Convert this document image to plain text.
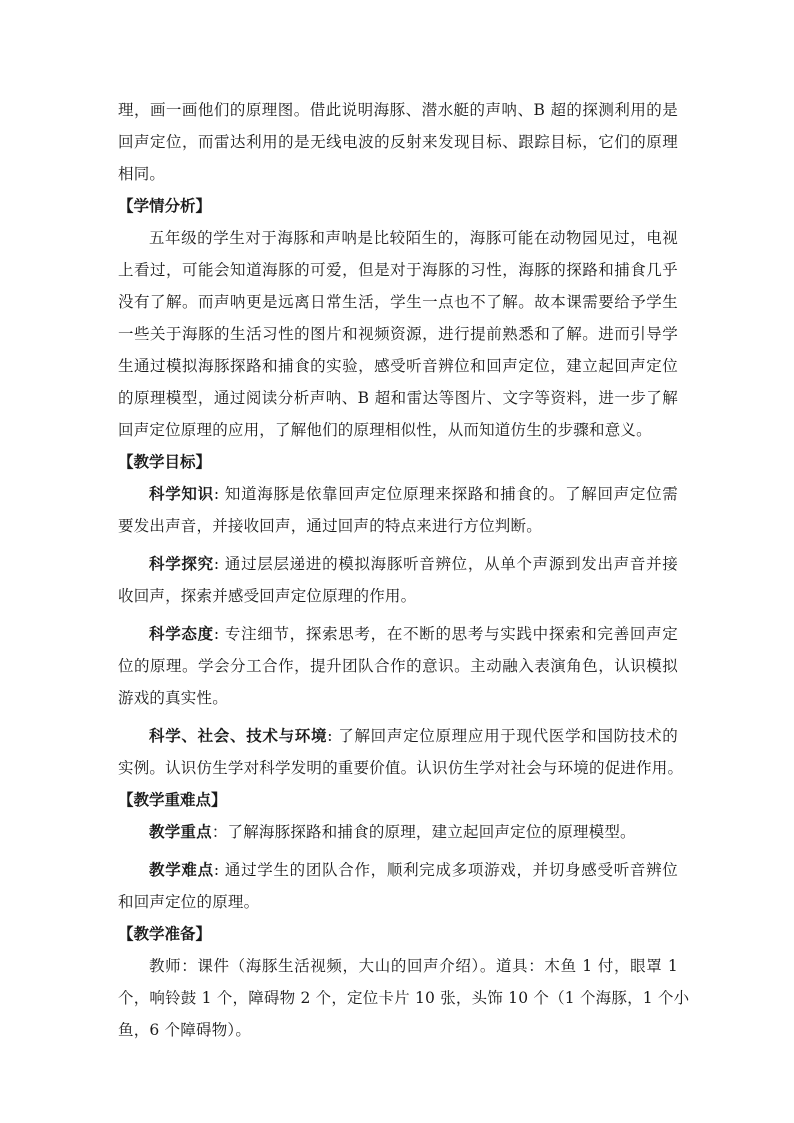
理，画一画他们的原理图。借此说明海豚、潜水艇的声呐、B 超的探测利用的是
回声定位，而雷达利用的是无线电波的反射来发现目标、跟踪目标，它们的原理
相同。
【学情分析】
五年级的学生对于海豚和声呐是比较陌生的，海豚可能在动物园见过，电视
上看过，可能会知道海豚的可爱，但是对于海豚的习性，海豚的探路和捕食几乎
没有了解。而声呐更是远离日常生活，学生一点也不了解。故本课需要给予学生
一些关于海豚的生活习性的图片和视频资源，进行提前熟悉和了解。进而引导学
生通过模拟海豚探路和捕食的实验，感受听音辨位和回声定位，建立起回声定位
的原理模型，通过阅读分析声呐、B 超和雷达等图片、文字等资料，进一步了解
回声定位原理的应用，了解他们的原理相似性，从而知道仿生的步骤和意义。
【教学目标】
科学知识: 知道海豚是依靠回声定位原理来探路和捕食的。了解回声定位需
要发出声音，并接收回声，通过回声的特点来进行方位判断。
科学探究: 通过层层递进的模拟海豚听音辨位，从单个声源到发出声音并接
收回声，探索并感受回声定位原理的作用。
科学态度: 专注细节，探索思考，在不断的思考与实践中探索和完善回声定
位的原理。学会分工合作，提升团队合作的意识。主动融入表演角色，认识模拟
游戏的真实性。
科学、社会、技术与环境: 了解回声定位原理应用于现代医学和国防技术的
实例。认识仿生学对科学发明的重要价值。认识仿生学对社会与环境的促进作用。
【教学重难点】
教学重点：了解海豚探路和捕食的原理，建立起回声定位的原理模型。
教学难点: 通过学生的团队合作，顺利完成多项游戏，并切身感受听音辨位
和回声定位的原理。
【教学准备】
教师：课件（海豚生活视频，大山的回声介绍）。道具：木鱼 1 付，眼罩 1
个，响铃鼓 1 个，障碍物 2 个，定位卡片 10 张，头饰 10 个（1 个海豚，1 个小
鱼，6 个障碍物）。
